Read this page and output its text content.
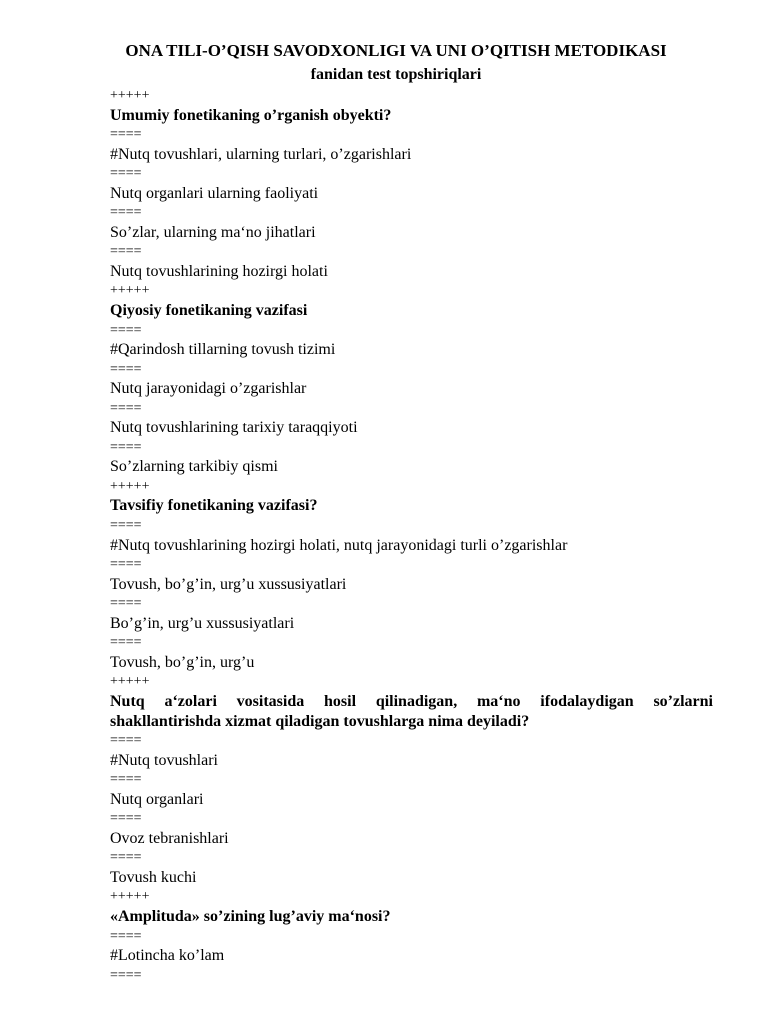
ONA TILI-O’QISH SAVODXONLIGI VA UNI O’QITISH METODIKASI
fanidan test topshiriqlari
+++++
Umumiy fonetikaning o’rganish obyekti?
====
#Nutq tovushlari, ularning turlari, o’zgarishlari
====
Nutq organlari ularning faoliyati
====
So’zlar, ularning ma‘no jihatlari
====
Nutq tovushlarining hozirgi holati
+++++
Qiyosiy fonetikaning vazifasi
====
#Qarindosh tillarning tovush tizimi
====
Nutq jarayonidagi o’zgarishlar
====
Nutq tovushlarining tarixiy taraqqiyoti
====
So’zlarning tarkibiy qismi
+++++
Tavsifiy fonetikaning vazifasi?
====
#Nutq tovushlarining hozirgi holati, nutq jarayonidagi turli o’zgarishlar
====
Tovush, bo’g’in, urg’u xussusiyatlari
====
Bo’g’in, urg’u xussusiyatlari
====
Tovush, bo’g’in, urg’u
+++++
Nutq a‘zolari vositasida hosil qilinadigan, ma‘no ifodalaydigan so’zlarni shakllantirishda xizmat qiladigan tovushlarga nima deyiladi?
====
#Nutq tovushlari
====
Nutq organlari
====
Ovoz tebranishlari
====
Tovush kuchi
+++++
«Amplituda» so’zining lug’aviy ma‘nosi?
====
#Lotincha ko’lam
====
